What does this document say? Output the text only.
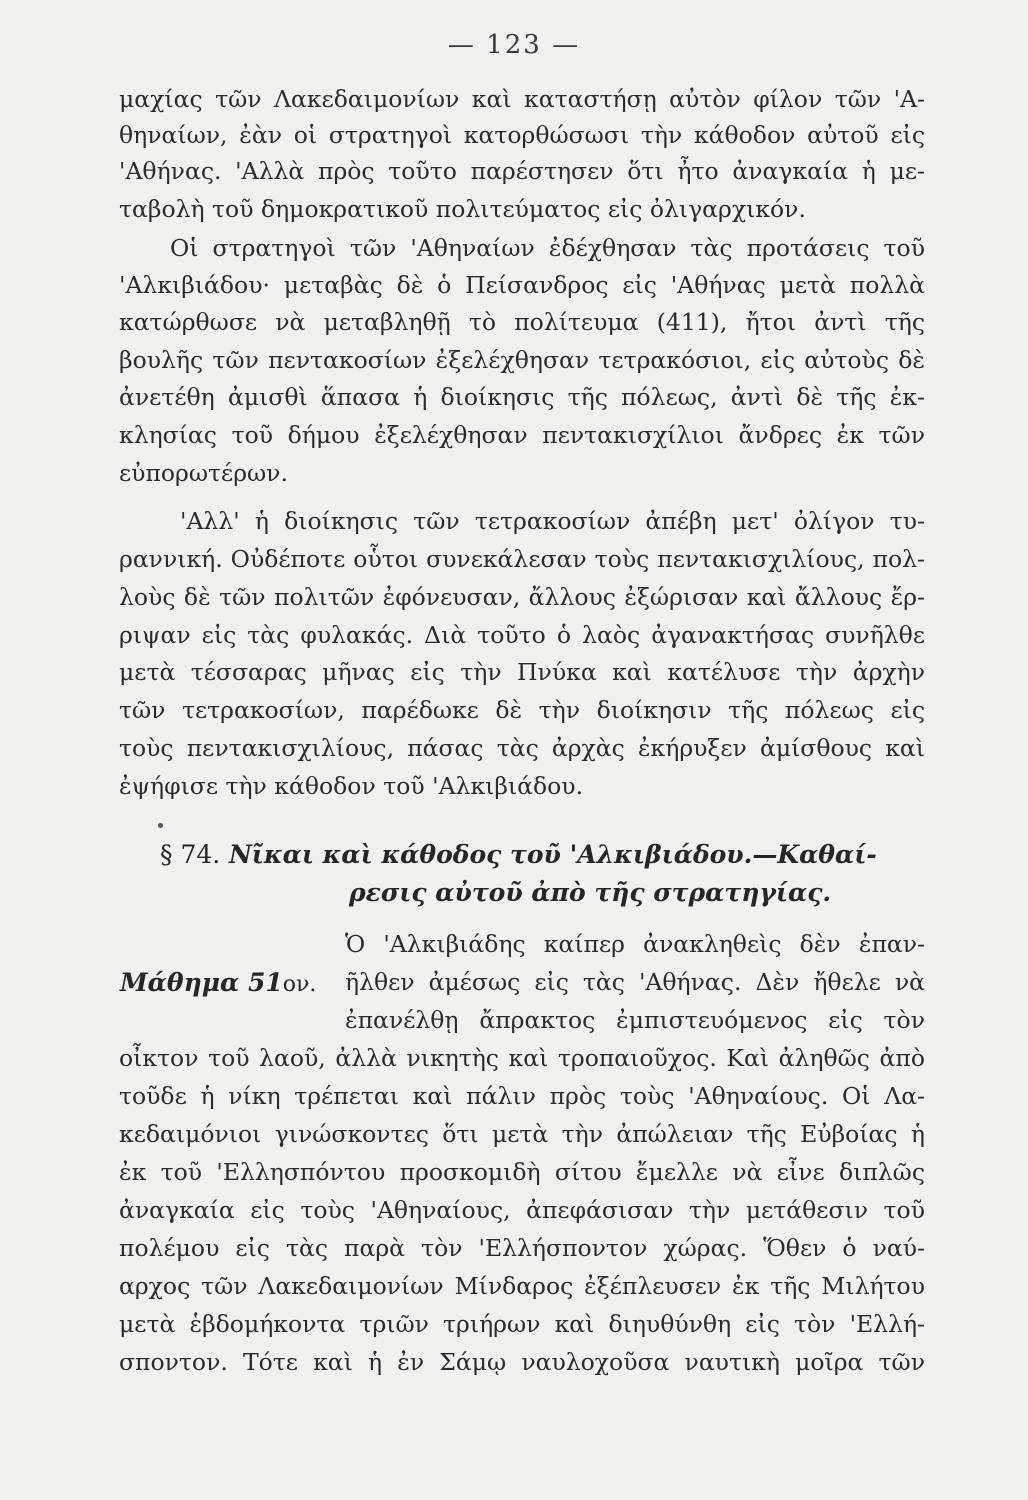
— 123 —
μαχίας τῶν Λακεδαιμονίων καὶ καταστήσῃ αὐτὸν φίλον τῶν 'Α-
θηναίων, ἐὰν οἱ στρατηγοὶ κατορθώσωσι τὴν κάθοδον αὐτοῦ εἰς
'Αθήνας. 'Αλλὰ πρὸς τοῦτο παρέστησεν ὅτι ἦτο ἀναγκαία ἡ με-
ταβολὴ τοῦ δημοκρατικοῦ πολιτεύματος εἰς ὀλιγαρχικόν.
Οἱ στρατηγοὶ τῶν 'Αθηναίων ἐδέχθησαν τὰς προτάσεις τοῦ
'Αλκιβιάδου· μεταβὰς δὲ ὁ Πείσανδρος εἰς 'Αθήνας μετὰ πολλὰ
κατώρθωσε νὰ μεταβληθῇ τὸ πολίτευμα (411), ἤτοι ἀντὶ τῆς
βουλῆς τῶν πεντακοσίων ἐξελέχθησαν τετρακόσιοι, εἰς αὐτοὺς δὲ
ἀνετέθη ἀμισθὶ ἅπασα ἡ διοίκησις τῆς πόλεως, ἀντὶ δὲ τῆς ἐκ-
κλησίας τοῦ δήμου ἐξελέχθησαν πεντακισχίλιοι ἄνδρες ἐκ τῶν
εὐπορωτέρων.
'Αλλ' ἡ διοίκησις τῶν τετρακοσίων ἀπέβη μετ' ὀλίγον τυ-
ραννική. Οὐδέποτε οὗτοι συνεκάλεσαν τοὺς πεντακισχιλίους, πολ-
λοὺς δὲ τῶν πολιτῶν ἐφόνευσαν, ἄλλους ἐξώρισαν καὶ ἄλλους ἔρ-
ριψαν εἰς τὰς φυλακάς. Διὰ τοῦτο ὁ λαὸς ἀγανακτήσας συνῆλθε
μετὰ τέσσαρας μῆνας εἰς τὴν Πνύκα καὶ κατέλυσε τὴν ἀρχὴν
τῶν τετρακοσίων, παρέδωκε δὲ τὴν διοίκησιν τῆς πόλεως εἰς
τοὺς πεντακισχιλίους, πάσας τὰς ἀρχὰς ἐκήρυξεν ἀμίσθους καὶ
ἐψήφισε τὴν κάθοδον τοῦ 'Αλκιβιάδου.
§ 74. Νῖκαι καὶ κάθοδος τοῦ 'Αλκιβιάδου.—Καθαί-
ρεσις αὐτοῦ ἀπὸ τῆς στρατηγίας.
Ὁ 'Αλκιβιάδης καίπερ ἀνακληθεὶς δὲν ἐπαν-
Μάθημα 51ον. ῆλθεν ἀμέσως εἰς τὰς 'Αθήνας. Δὲν ἤθελε νὰ
ἐπανέλθῃ ἄπρακτος ἐμπιστευόμενος εἰς τὸν
οἶκτον τοῦ λαοῦ, ἀλλὰ νικητὴς καὶ τροπαιοῦχος. Καὶ ἀληθῶς ἀπὸ
τοῦδε ἡ νίκη τρέπεται καὶ πάλιν πρὸς τοὺς 'Αθηναίους. Οἱ Λα-
κεδαιμόνιοι γινώσκοντες ὅτι μετὰ τὴν ἀπώλειαν τῆς Εὐβοίας ἡ
ἐκ τοῦ 'Ελλησπόντου προσκομιδὴ σίτου ἔμελλε νὰ εἶνε διπλῶς
ἀναγκαία εἰς τοὺς 'Αθηναίους, ἀπεφάσισαν τὴν μετάθεσιν τοῦ
πολέμου εἰς τὰς παρὰ τὸν 'Ελλήσποντον χώρας. Ὅθεν ὁ ναύ-
αρχος τῶν Λακεδαιμονίων Μίνδαρος ἐξέπλευσεν ἐκ τῆς Μιλήτου
μετὰ ἑβδομήκοντα τριῶν τριήρων καὶ διηυθύνθη εἰς τὸν 'Ελλή-
σποντον. Τότε καὶ ἡ ἐν Σάμῳ ναυλοχοῦσα ναυτικὴ μοῖρα τῶν
